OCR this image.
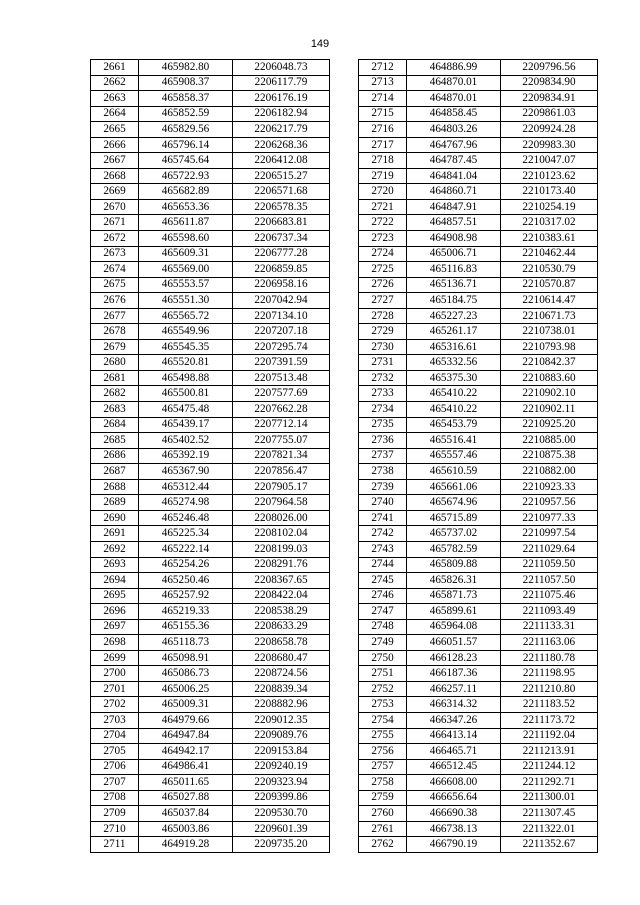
149
2661	465982.80	2206048.73
2662	465908.37	2206117.79
2663	465858.37	2206176.19
2664	465852.59	2206182.94
2665	465829.56	2206217.79
2666	465796.14	2206268.36
2667	465745.64	2206412.08
2668	465722.93	2206515.27
2669	465682.89	2206571.68
2670	465653.36	2206578.35
2671	465611.87	2206683.81
2672	465598.60	2206737.34
2673	465609.31	2206777.28
2674	465569.00	2206859.85
2675	465553.57	2206958.16
2676	465551.30	2207042.94
2677	465565.72	2207134.10
2678	465549.96	2207207.18
2679	465545.35	2207295.74
2680	465520.81	2207391.59
2681	465498.88	2207513.48
2682	465500.81	2207577.69
2683	465475.48	2207662.28
2684	465439.17	2207712.14
2685	465402.52	2207755.07
2686	465392.19	2207821.34
2687	465367.90	2207856.47
2688	465312.44	2207905.17
2689	465274.98	2207964.58
2690	465246.48	2208026.00
2691	465225.34	2208102.04
2692	465222.14	2208199.03
2693	465254.26	2208291.76
2694	465250.46	2208367.65
2695	465257.92	2208422.04
2696	465219.33	2208538.29
2697	465155.36	2208633.29
2698	465118.73	2208658.78
2699	465098.91	2208680.47
2700	465086.73	2208724.56
2701	465006.25	2208839.34
2702	465009.31	2208882.96
2703	464979.66	2209012.35
2704	464947.84	2209089.76
2705	464942.17	2209153.84
2706	464986.41	2209240.19
2707	465011.65	2209323.94
2708	465027.88	2209399.86
2709	465037.84	2209530.70
2710	465003.86	2209601.39
2711	464919.28	2209735.20
2712	464886.99	2209796.56
2713	464870.01	2209834.90
2714	464870.01	2209834.91
2715	464858.45	2209861.03
2716	464803.26	2209924.28
2717	464767.96	2209983.30
2718	464787.45	2210047.07
2719	464841.04	2210123.62
2720	464860.71	2210173.40
2721	464847.91	2210254.19
2722	464857.51	2210317.02
2723	464908.98	2210383.61
2724	465006.71	2210462.44
2725	465116.83	2210530.79
2726	465136.71	2210570.87
2727	465184.75	2210614.47
2728	465227.23	2210671.73
2729	465261.17	2210738.01
2730	465316.61	2210793.98
2731	465332.56	2210842.37
2732	465375.30	2210883.60
2733	465410.22	2210902.10
2734	465410.22	2210902.11
2735	465453.79	2210925.20
2736	465516.41	2210885.00
2737	465557.46	2210875.38
2738	465610.59	2210882.00
2739	465661.06	2210923.33
2740	465674.96	2210957.56
2741	465715.89	2210977.33
2742	465737.02	2210997.54
2743	465782.59	2211029.64
2744	465809.88	2211059.50
2745	465826.31	2211057.50
2746	465871.73	2211075.46
2747	465899.61	2211093.49
2748	465964.08	2211133.31
2749	466051.57	2211163.06
2750	466128.23	2211180.78
2751	466187.36	2211198.95
2752	466257.11	2211210.80
2753	466314.32	2211183.52
2754	466347.26	2211173.72
2755	466413.14	2211192.04
2756	466465.71	2211213.91
2757	466512.45	2211244.12
2758	466608.00	2211292.71
2759	466656.64	2211300.01
2760	466690.38	2211307.45
2761	466738.13	2211322.01
2762	466790.19	2211352.67
